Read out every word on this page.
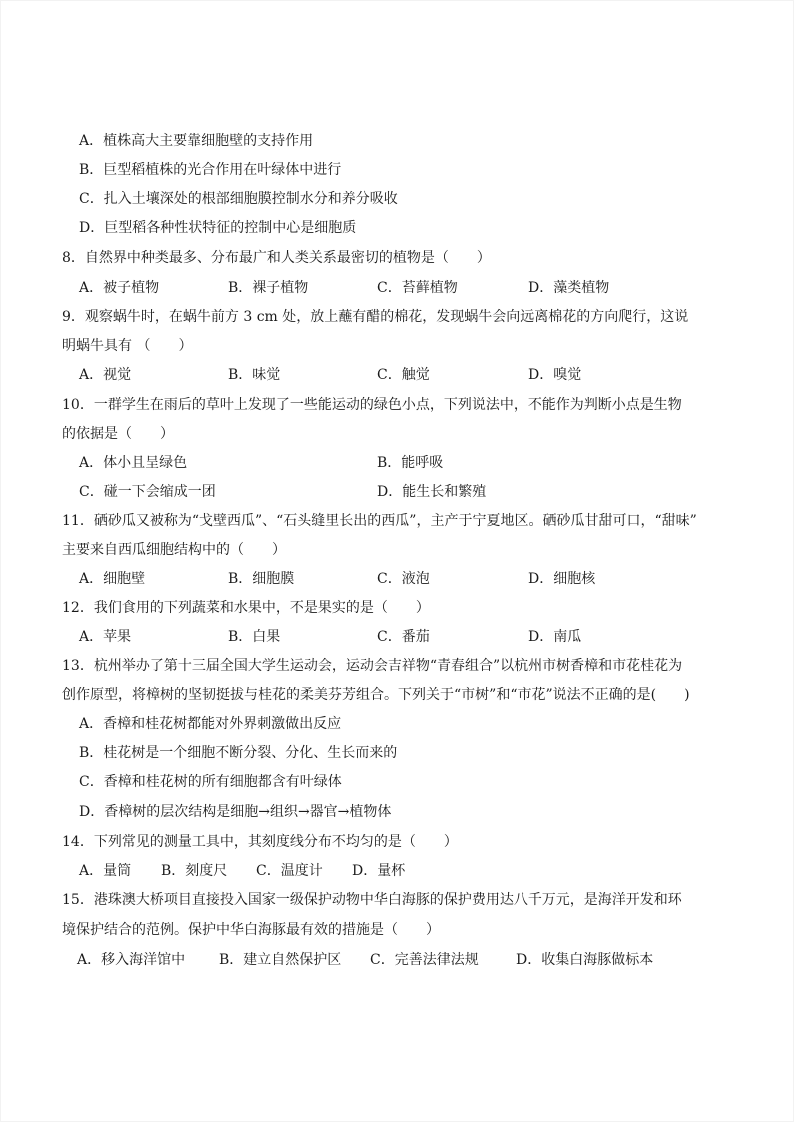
A．植株高大主要靠细胞壁的支持作用
B．巨型稻植株的光合作用在叶绿体中进行
C．扎入土壤深处的根部细胞膜控制水分和养分吸收
D．巨型稻各种性状特征的控制中心是细胞质
8．自然界中种类最多、分布最广和人类关系最密切的植物是（　　）
A．被子植物	B．裸子植物	C．苔藓植物	D．藻类植物
9．观察蜗牛时，在蜗牛前方 3 cm 处，放上蘸有醋的棉花，发现蜗牛会向远离棉花的方向爬行，这说
明蜗牛具有 （　　）
A．视觉	B．味觉	C．触觉	D．嗅觉
10．一群学生在雨后的草叶上发现了一些能运动的绿色小点，下列说法中，不能作为判断小点是生物
的依据是（　　）
A．体小且呈绿色	B．能呼吸
C．碰一下会缩成一团	D．能生长和繁殖
11．硒砂瓜又被称为“戈壁西瓜”、“石头缝里长出的西瓜”，主产于宁夏地区。硒砂瓜甘甜可口，“甜味”
主要来自西瓜细胞结构中的（　　）
A．细胞壁	B．细胞膜	C．液泡	D．细胞核
12．我们食用的下列蔬菜和水果中，不是果实的是（　　）
A．苹果	B．白果	C．番茄	D．南瓜
13．杭州举办了第十三届全国大学生运动会，运动会吉祥物“青春组合”以杭州市树香樟和市花桂花为
创作原型，将樟树的坚韧挺拔与桂花的柔美芬芳组合。下列关于“市树”和“市花”说法不正确的是(　　)
A．香樟和桂花树都能对外界刺激做出反应
B．桂花树是一个细胞不断分裂、分化、生长而来的
C．香樟和桂花树的所有细胞都含有叶绿体
D．香樟树的层次结构是细胞→组织→器官→植物体
14．下列常见的测量工具中，其刻度线分布不均匀的是（　　）
A．量筒 B．刻度尺 C．温度计 D．量杯
15．港珠澳大桥项目直接投入国家一级保护动物中华白海豚的保护费用达八千万元，是海洋开发和环
境保护结合的范例。保护中华白海豚最有效的措施是（　　）
A．移入海洋馆中 B．建立自然保护区 C．完善法律法规	D．收集白海豚做标本
